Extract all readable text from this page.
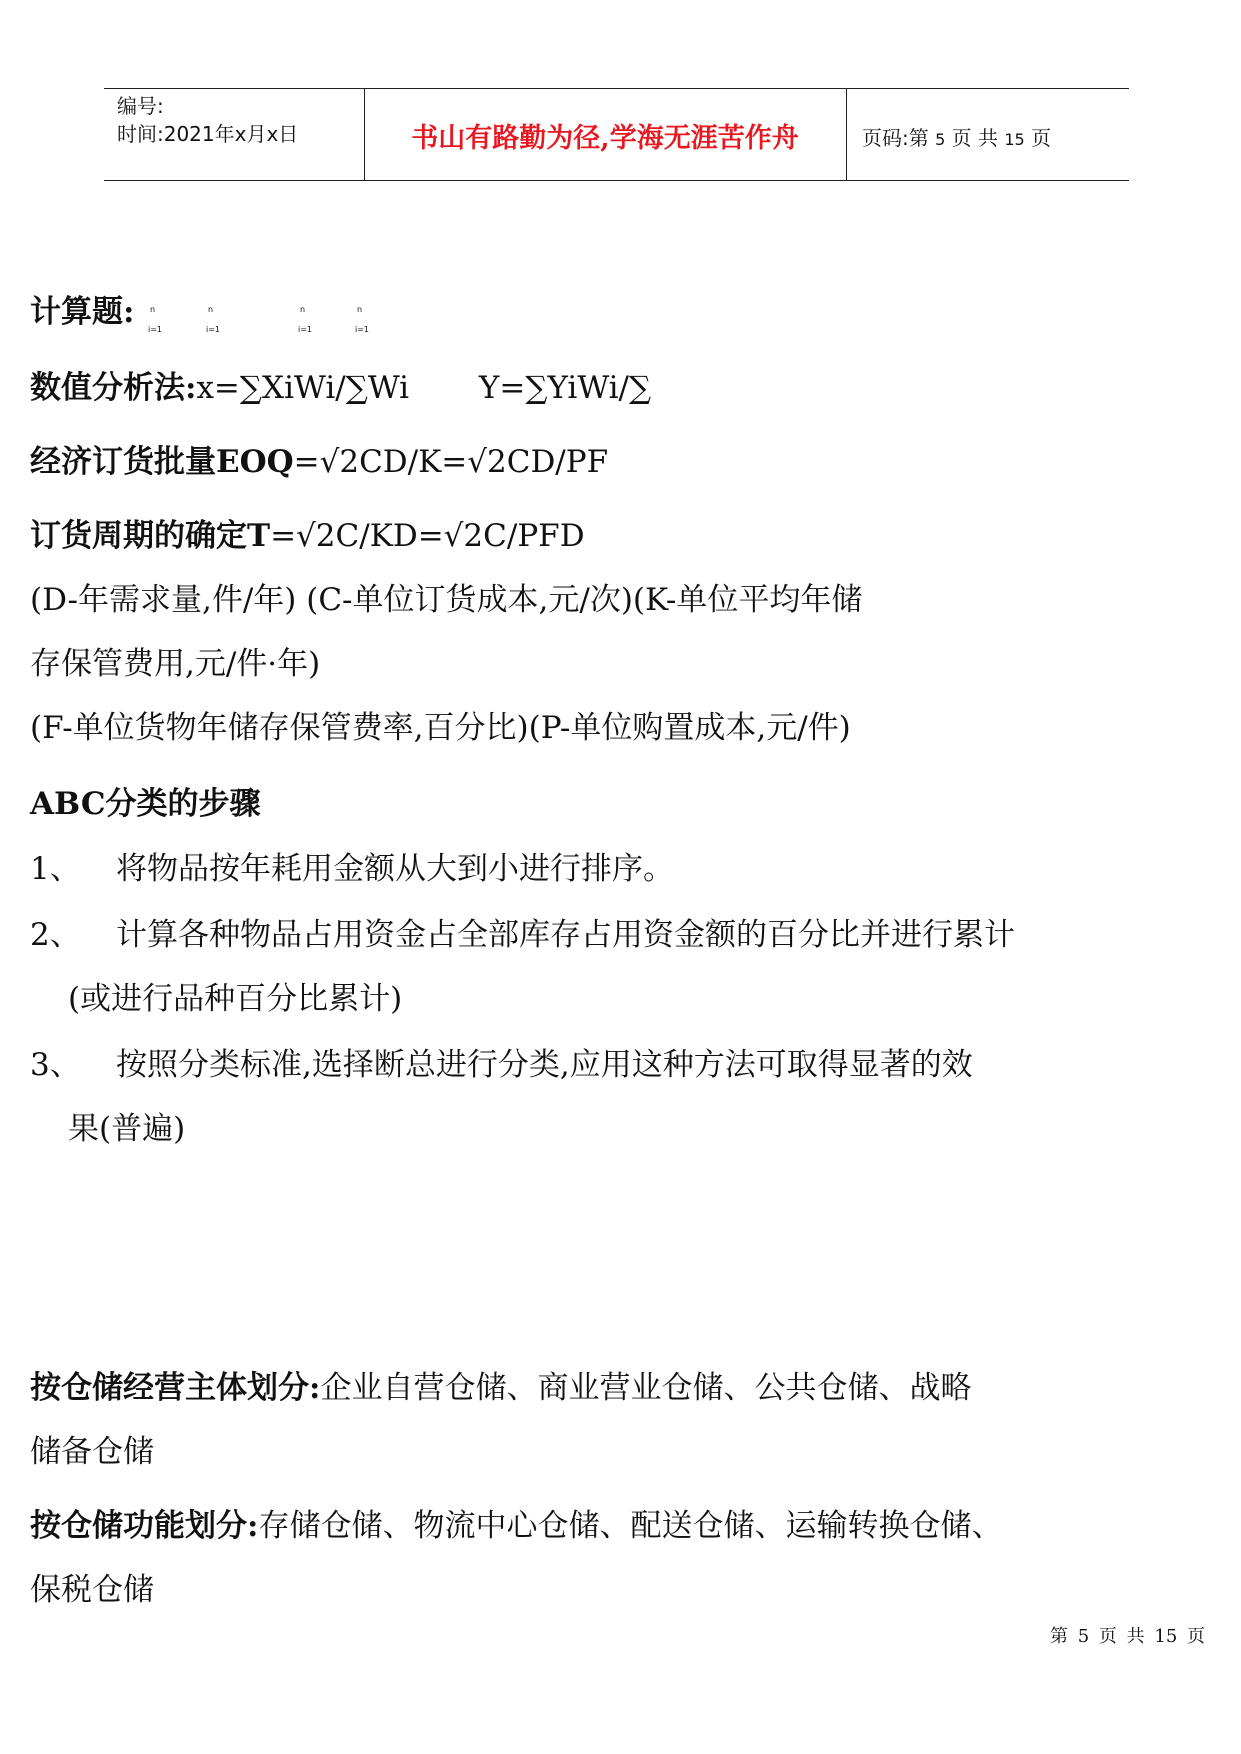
编号:
时间:2021年x月x日	书山有路勤为径,学海无涯苦作舟	页码:第 5 页 共 15 页
计算题: n
i=1
n
i=1
n
i=1
n
i=1
数值分析法:x=∑XiWi/∑Wi Y=∑YiWi/∑
经济订货批量EOQ=√2CD/K=√2CD/PF
订货周期的确定T=√2C/KD=√2C/PFD
(D-年需求量,件/年) (C-单位订货成本,元/次)(K-单位平均年储
存保管费用,元/件·年)
(F-单位货物年储存保管费率,百分比)(P-单位购置成本,元/件)
ABC分类的步骤
1、 将物品按年耗用金额从大到小进行排序。
2、 计算各种物品占用资金占全部库存占用资金额的百分比并进行累计
(或进行品种百分比累计)
3、 按照分类标准,选择断总进行分类,应用这种方法可取得显著的效
果(普遍)
按仓储经营主体划分:企业自营仓储、商业营业仓储、公共仓储、战略
储备仓储
按仓储功能划分:存储仓储、物流中心仓储、配送仓储、运输转换仓储、
保税仓储
第 5 页 共 15 页
